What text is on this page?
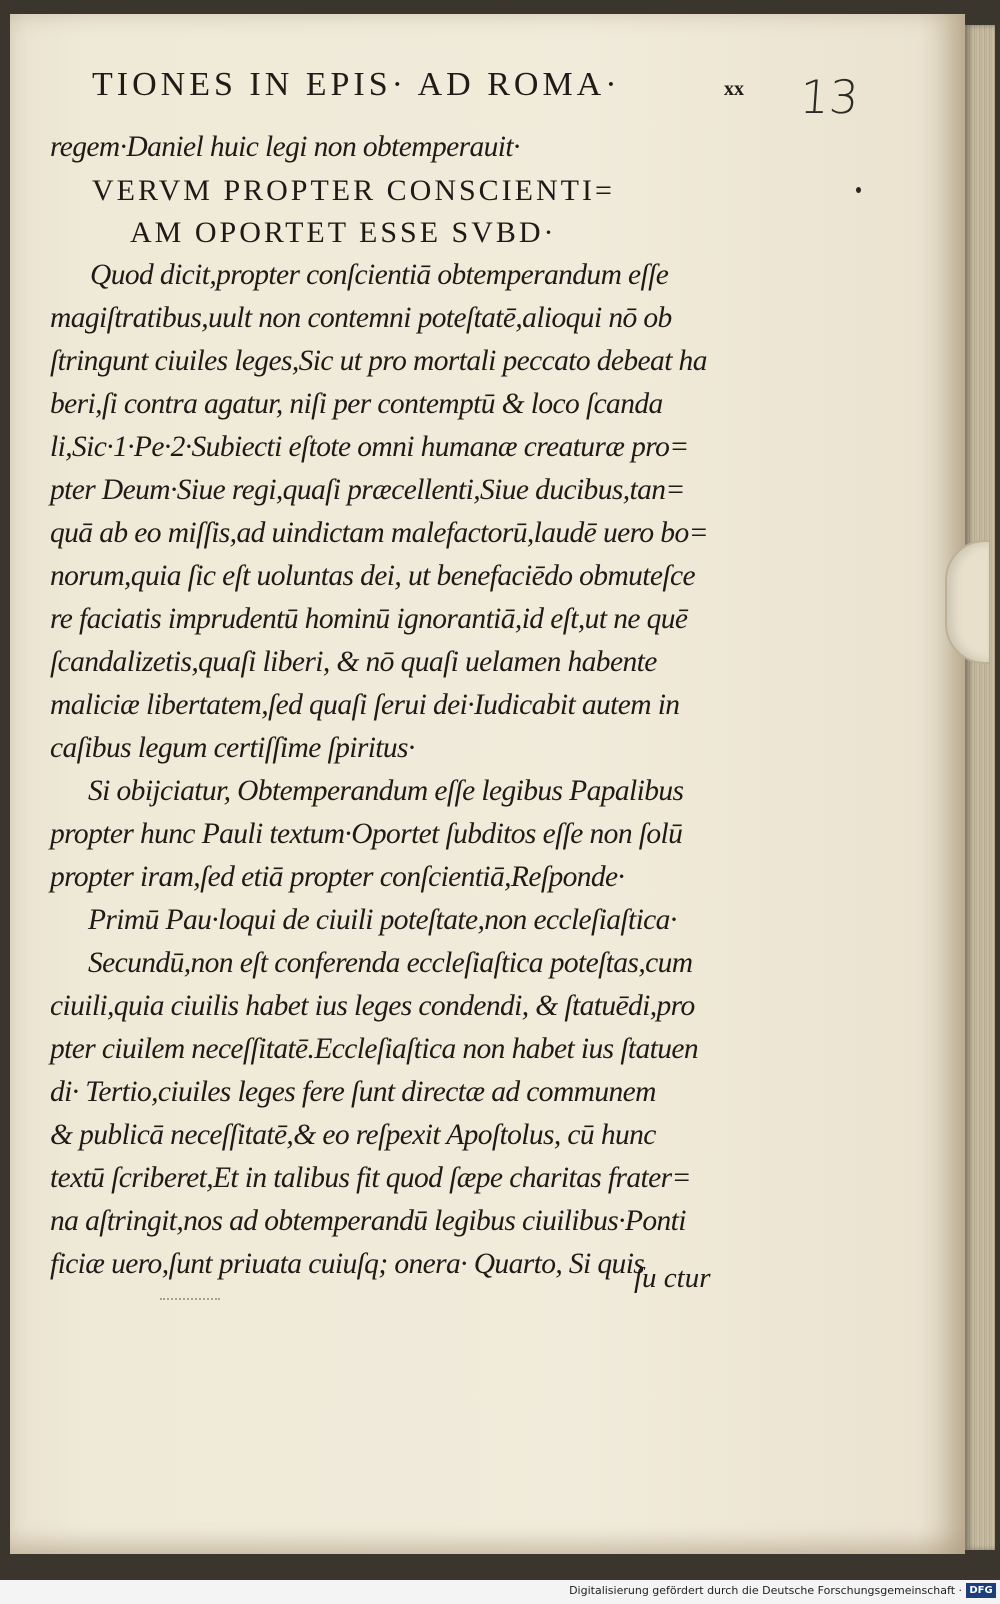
TIONES IN EPIS· AD ROMA·	xx 13
regem·Daniel huic legi non obtemperauit·
VERVM PROPTER CONSCIENTI=
AM OPORTET ESSE SVBD·
Quod dicit,propter conſcientiā obtemperandum eſſe
magiſtratibus,uult non contemni poteſtatē,alioqui nō ob
ſtringunt ciuiles leges,Sic ut pro mortali peccato debeat ha
beri,ſi contra agatur, niſi per contemptū & loco ſcanda
li,Sic·1·Pe·2·Subiecti eſtote omni humanæ creaturæ pro=
pter Deum·Siue regi,quaſi præcellenti,Siue ducibus,tan=
quā ab eo miſſis,ad uindictam malefactorū,laudē uero bo=
norum,quia ſic eſt uoluntas dei, ut benefaciēdo obmuteſce
re faciatis imprudentū hominū ignorantiā,id eſt,ut ne quē
ſcandalizetis,quaſi liberi, & nō quaſi uelamen habente
maliciæ libertatem,ſed quaſi ſerui dei·Iudicabit autem in
caſibus legum certiſſime ſpiritus·
Si obijciatur, Obtemperandum eſſe legibus Papalibus
propter hunc Pauli textum·Oportet ſubditos eſſe non ſolū
propter iram,ſed etiā propter conſcientiā,Reſponde·
Primū Pau·loqui de ciuili poteſtate,non eccleſiaſtica·
Secundū,non eſt conferenda eccleſiaſtica poteſtas,cum
ciuili,quia ciuilis habet ius leges condendi, & ſtatuēdi,pro
pter ciuilem neceſſitatē.Eccleſiaſtica non habet ius ſtatuen
di· Tertio,ciuiles leges fere ſunt directæ ad communem
& publicā neceſſitatē,& eo reſpexit Apoſtolus, cū hunc
textū ſcriberet,Et in talibus fit quod ſæpe charitas frater=
na aſtringit,nos ad obtemperandū legibus ciuilibus·Ponti
ficiæ uero,ſunt priuata cuiuſq; onera· Quarto, Si quis
ſu ctur
Digitalisierung gefördert durch die Deutsche Forschungsgemeinschaft · DFG
